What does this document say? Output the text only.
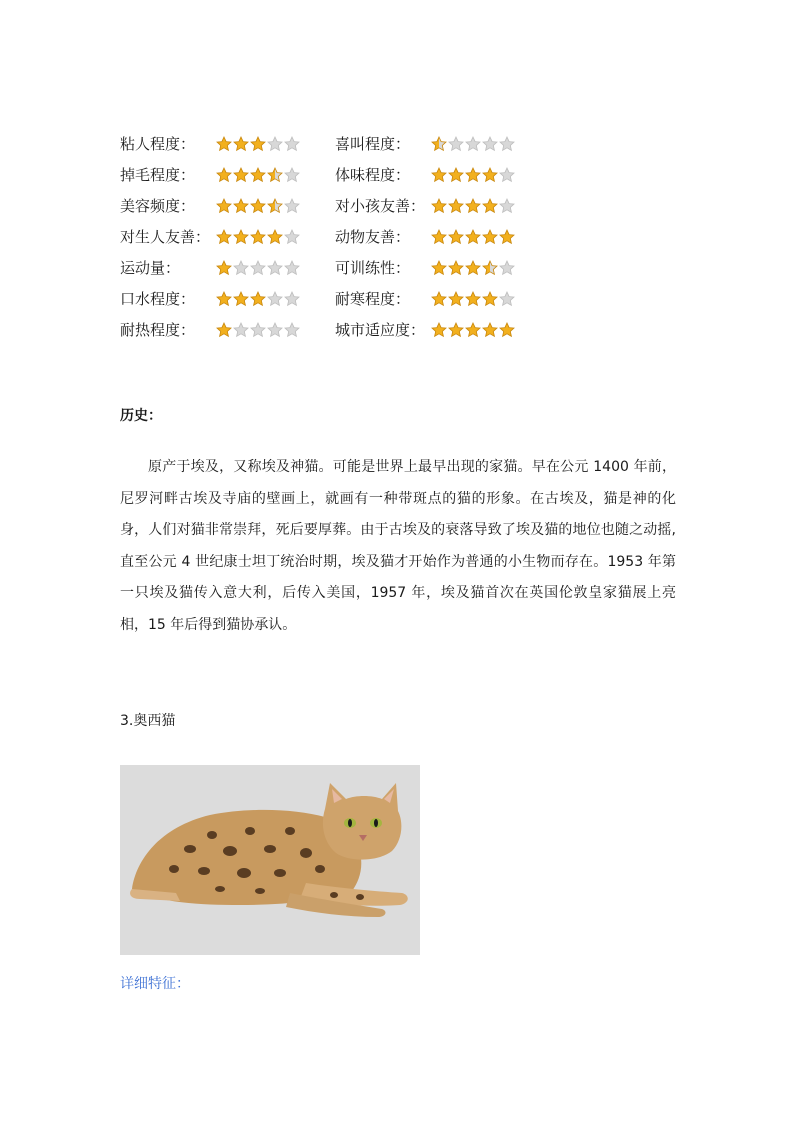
粘人程度：	喜叫程度：
掉毛程度：	体味程度：
美容频度：	对小孩友善：
对生人友善：	动物友善：
运动量：	可训练性：
口水程度：	耐寒程度：
耐热程度：	城市适应度：
历史：
原产于埃及，又称埃及神猫。可能是世界上最早出现的家猫。早在公元 1400 年前，尼罗河畔古埃及寺庙的壁画上，就画有一种带斑点的猫的形象。在古埃及，猫是神的化身，人们对猫非常崇拜，死后要厚葬。由于古埃及的衰落导致了埃及猫的地位也随之动摇,直至公元 4 世纪康士坦丁统治时期，埃及猫才开始作为普通的小生物而存在。1953 年第一只埃及猫传入意大利，后传入美国，1957 年，埃及猫首次在英国伦敦皇家猫展上亮相，15 年后得到猫协承认。
3.奥西猫
详细特征：
